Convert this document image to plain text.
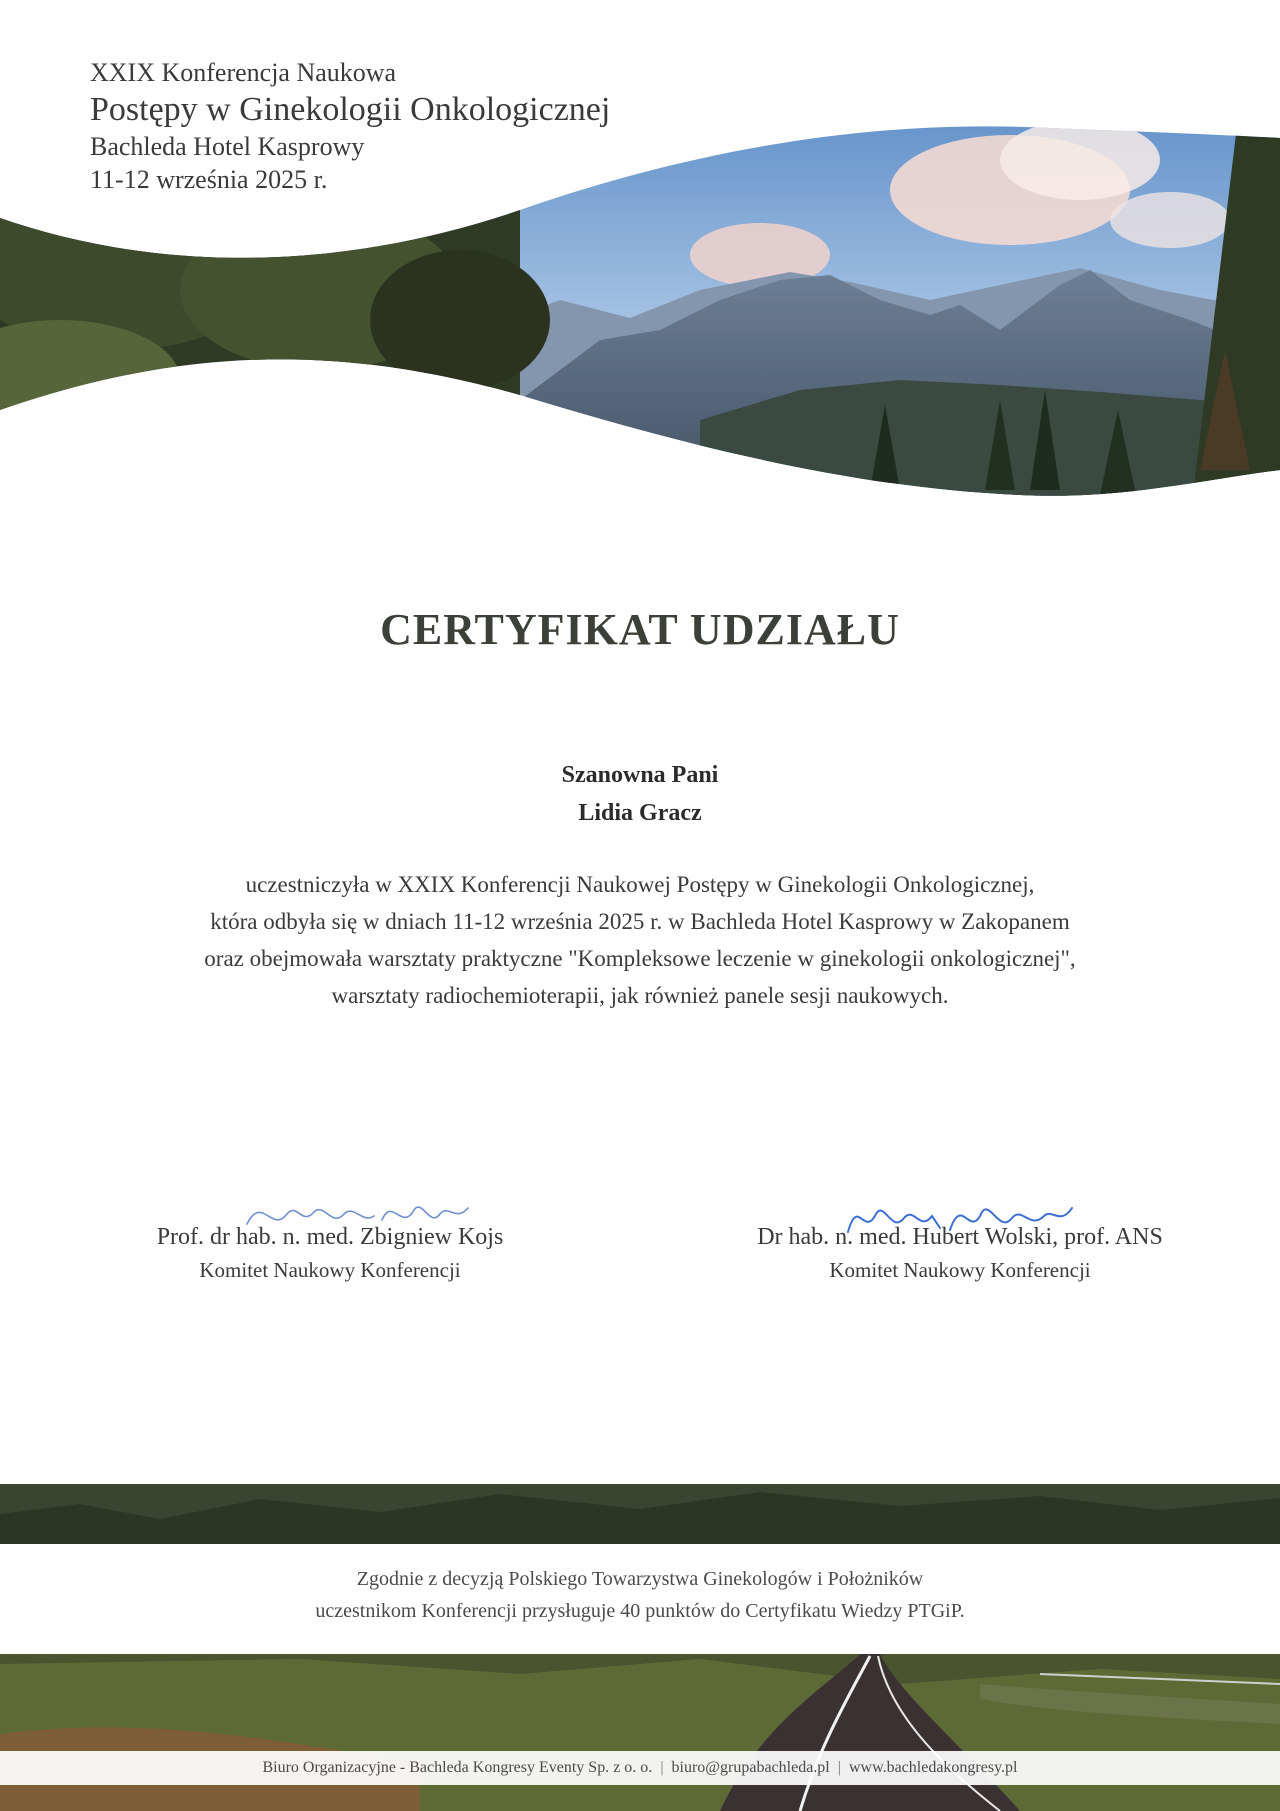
XXIX Konferencja Naukowa
Postępy w Ginekologii Onkologicznej
Bachleda Hotel Kasprowy
11-12 września 2025 r.
CERTYFIKAT UDZIAŁU
Szanowna Pani
Lidia Gracz
uczestniczyła w XXIX Konferencji Naukowej Postępy w Ginekologii Onkologicznej,
która odbyła się w dniach 11-12 września 2025 r. w Bachleda Hotel Kasprowy w Zakopanem
oraz obejmowała warsztaty praktyczne "Kompleksowe leczenie w ginekologii onkologicznej",
warsztaty radiochemioterapii, jak również panele sesji naukowych.
Prof. dr hab. n. med. Zbigniew Kojs
Komitet Naukowy Konferencji
Dr hab. n. med. Hubert Wolski, prof. ANS
Komitet Naukowy Konferencji
Zgodnie z decyzją Polskiego Towarzystwa Ginekologów i Położników
uczestnikom Konferencji przysługuje 40 punktów do Certyfikatu Wiedzy PTGiP.
Biuro Organizacyjne - Bachleda Kongresy Eventy Sp. z o. o. | biuro@grupabachleda.pl | www.bachledakongresy.pl
